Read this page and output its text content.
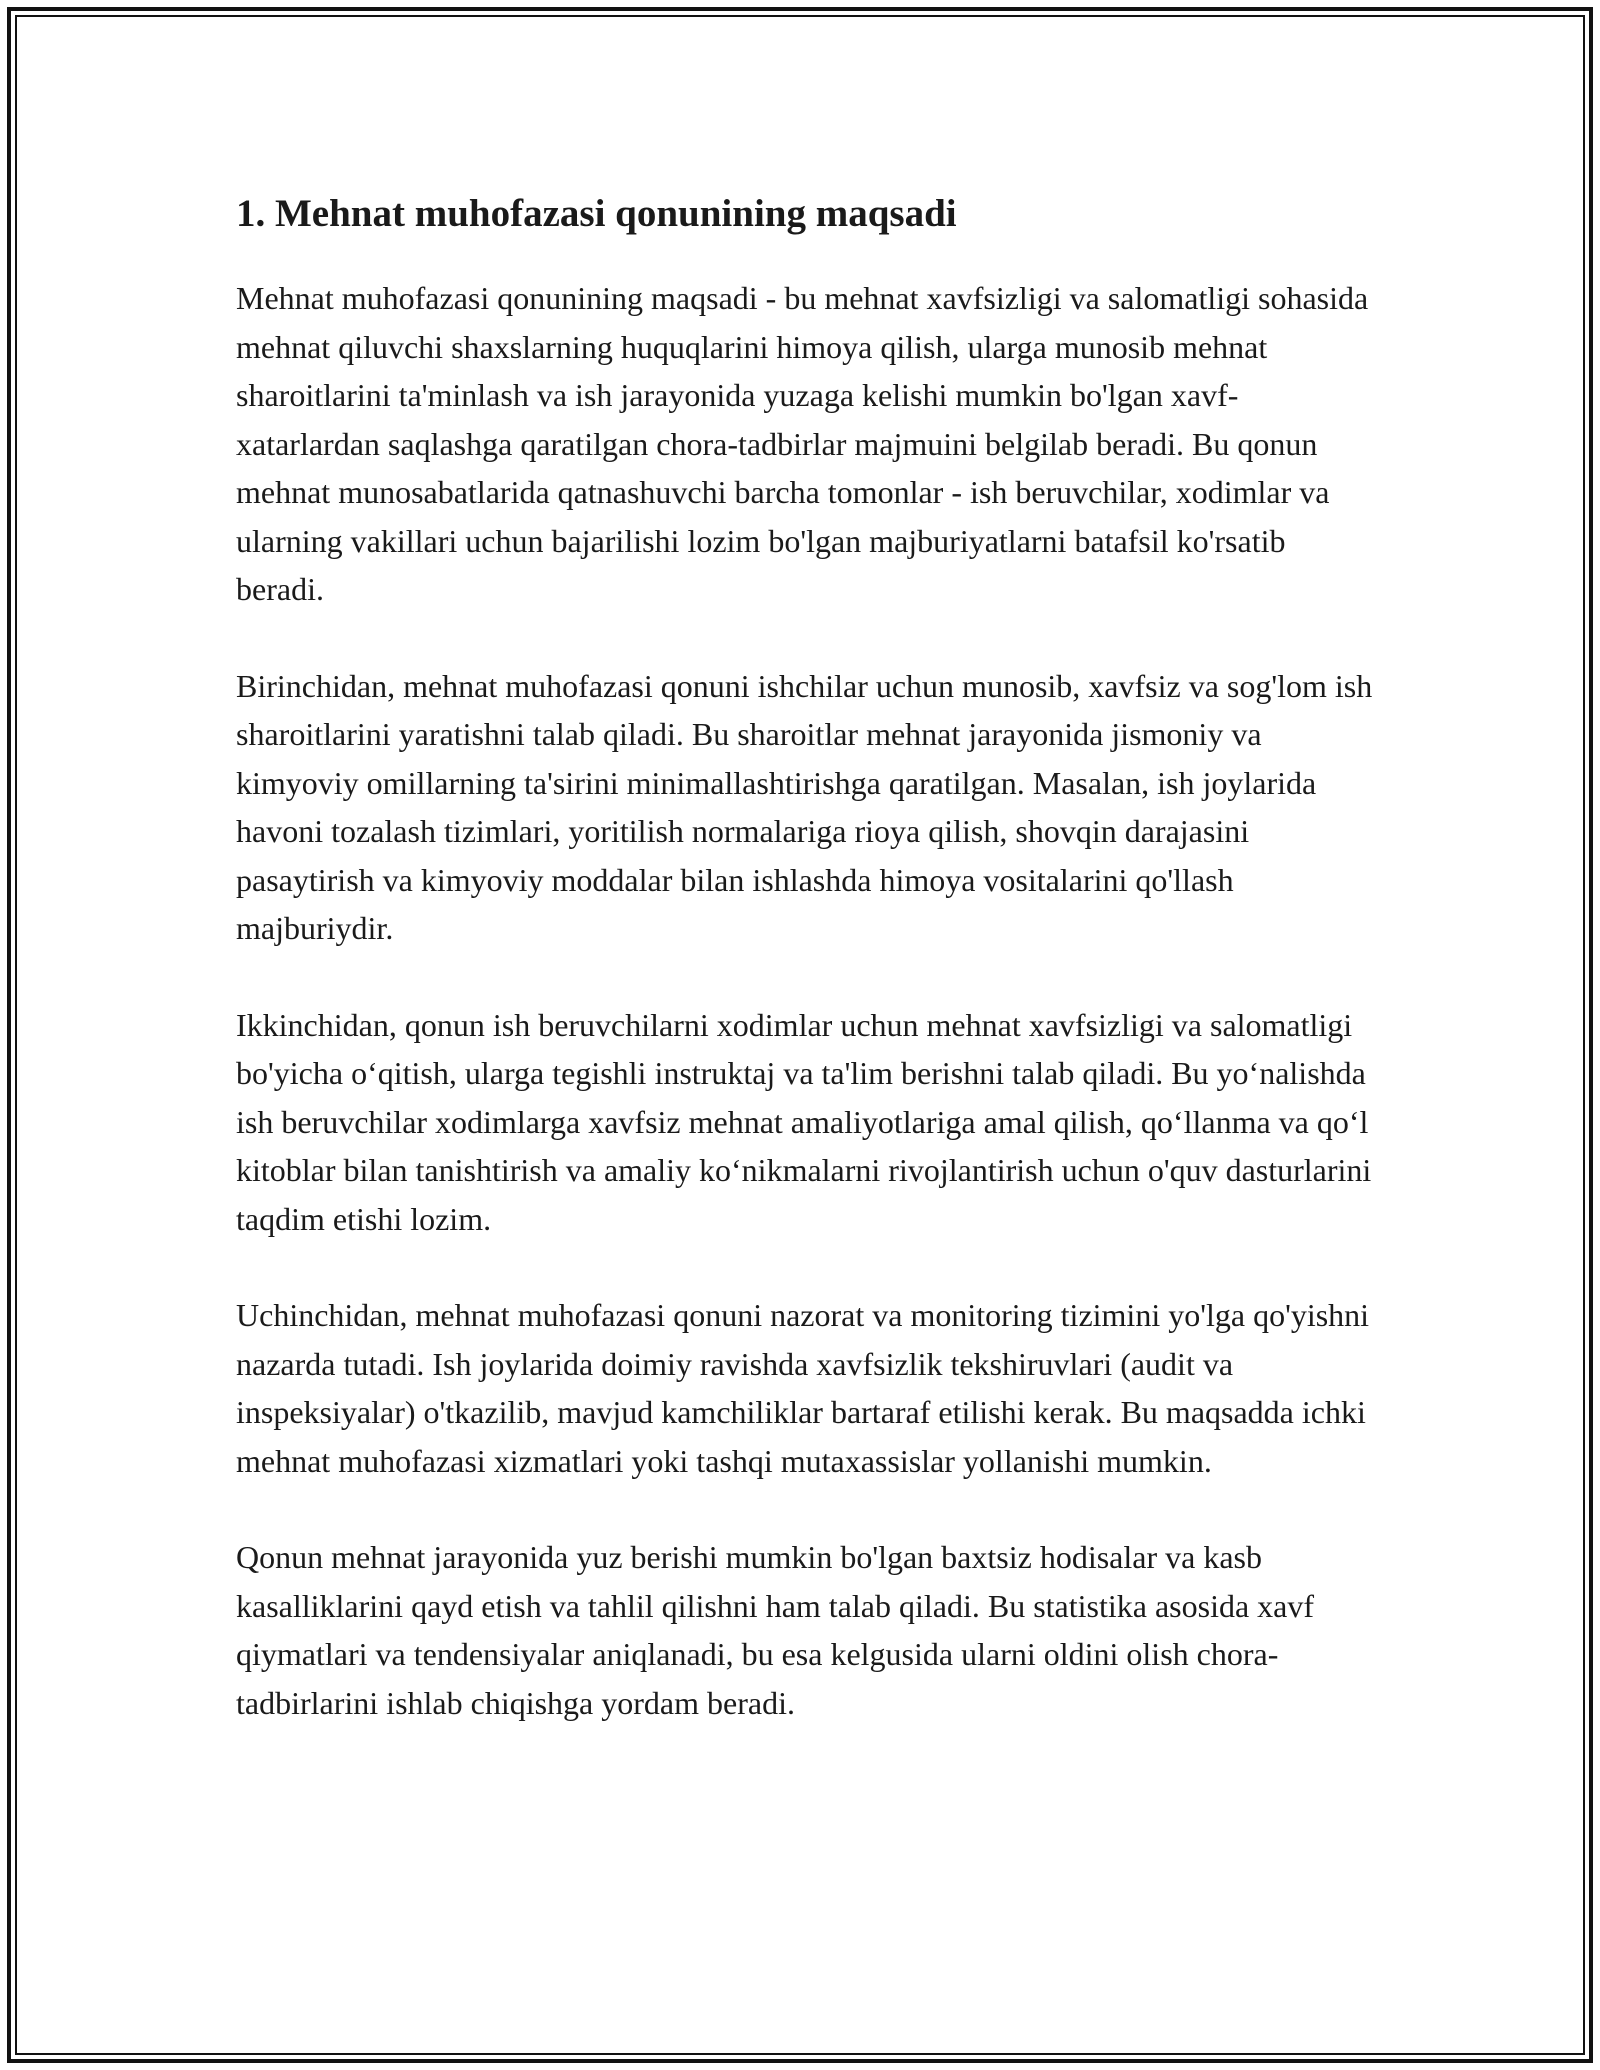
1. Mehnat muhofazasi qonunining maqsadi

Mehnat muhofazasi qonunining maqsadi - bu mehnat xavfsizligi va salomatligi sohasida mehnat qiluvchi shaxslarning huquqlarini himoya qilish, ularga munosib mehnat sharoitlarini ta'minlash va ish jarayonida yuzaga kelishi mumkin bo'lgan xavf-xatarlardan saqlashga qaratilgan chora-tadbirlar majmuini belgilab beradi. Bu qonun mehnat munosabatlarida qatnashuvchi barcha tomonlar - ish beruvchilar, xodimlar va ularning vakillari uchun bajarilishi lozim bo'lgan majburiyatlarni batafsil ko'rsatib beradi.

Birinchidan, mehnat muhofazasi qonuni ishchilar uchun munosib, xavfsiz va sog'lom ish sharoitlarini yaratishni talab qiladi. Bu sharoitlar mehnat jarayonida jismoniy va kimyoviy omillarning ta'sirini minimallashtirishga qaratilgan. Masalan, ish joylarida havoni tozalash tizimlari, yoritilish normalariga rioya qilish, shovqin darajasini pasaytirish va kimyoviy moddalar bilan ishlashda himoya vositalarini qo'llash majburiydir.

Ikkinchidan, qonun ish beruvchilarni xodimlar uchun mehnat xavfsizligi va salomatligi bo'yicha o‘qitish, ularga tegishli instruktaj va ta'lim berishni talab qiladi. Bu yo‘nalishda ish beruvchilar xodimlarga xavfsiz mehnat amaliyotlariga amal qilish, qo‘llanma va qo‘l kitoblar bilan tanishtirish va amaliy ko‘nikmalarni rivojlantirish uchun o'quv dasturlarini taqdim etishi lozim.

Uchinchidan, mehnat muhofazasi qonuni nazorat va monitoring tizimini yo'lga qo'yishni nazarda tutadi. Ish joylarida doimiy ravishda xavfsizlik tekshiruvlari (audit va inspeksiyalar) o'tkazilib, mavjud kamchiliklar bartaraf etilishi kerak. Bu maqsadda ichki mehnat muhofazasi xizmatlari yoki tashqi mutaxassislar yollanishi mumkin.

Qonun mehnat jarayonida yuz berishi mumkin bo'lgan baxtsiz hodisalar va kasb kasalliklarini qayd etish va tahlil qilishni ham talab qiladi. Bu statistika asosida xavf qiymatlari va tendensiyalar aniqlanadi, bu esa kelgusida ularni oldini olish chora-tadbirlarini ishlab chiqishga yordam beradi.
